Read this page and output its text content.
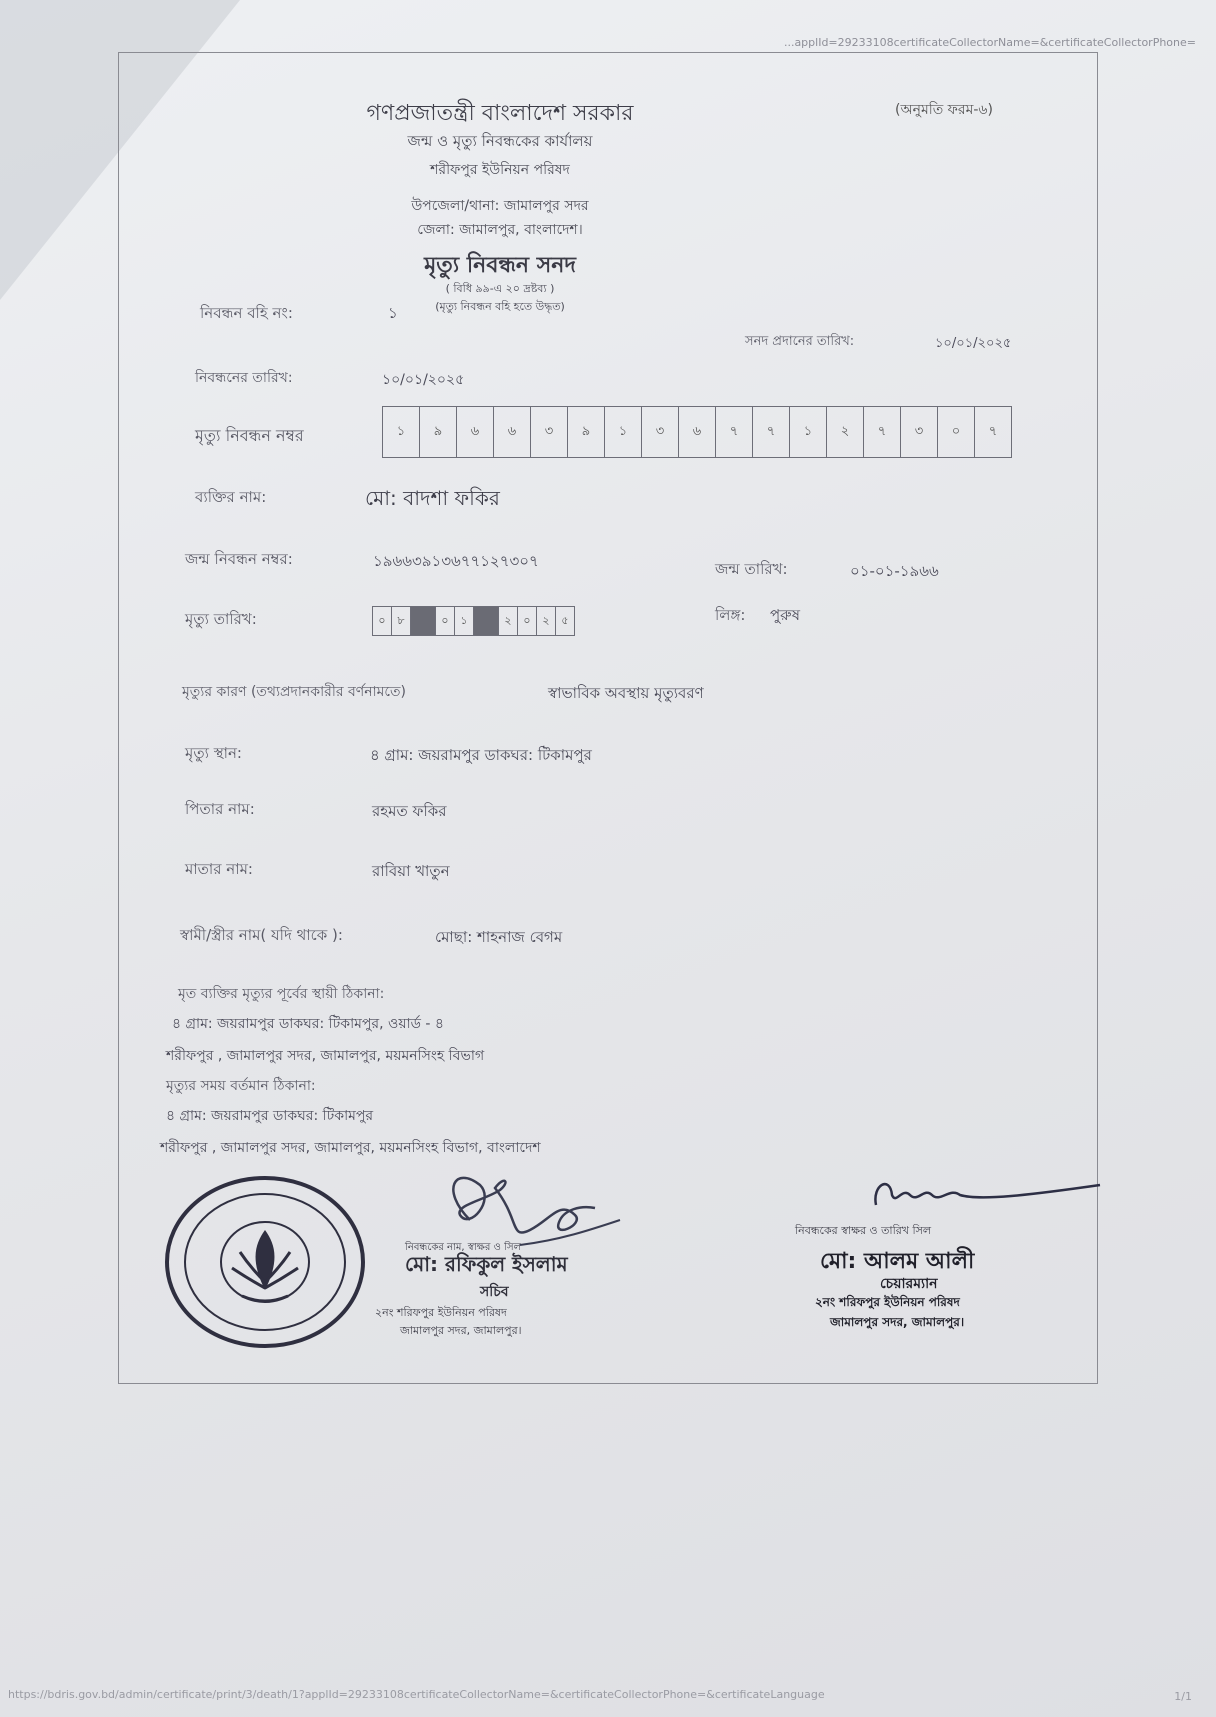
...applId=29233108certificateCollectorName=&certificateCollectorPhone=
গণপ্রজাতন্ত্রী বাংলাদেশ সরকার	(অনুমতি ফরম-৬)
জন্ম ও মৃত্যু নিবন্ধকের কার্যালয়
শরীফপুর ইউনিয়ন পরিষদ
উপজেলা/থানা: জামালপুর সদর
জেলা: জামালপুর, বাংলাদেশ।
মৃত্যু নিবন্ধন সনদ
( বিধি ৯৯-এ ২০ দ্রষ্টব্য )
(মৃত্যু নিবন্ধন বহি হতে উদ্ধৃত)
নিবন্ধন বহি নং:	১
সনদ প্রদানের তারিখ:	১০/০১/২০২৫
নিবন্ধনের তারিখ:	১০/০১/২০২৫
মৃত্যু নিবন্ধন নম্বর	১	৯	৬	৬	৩	৯	১	৩	৬	৭	৭	১	২	৭	৩	০	৭
ব্যক্তির নাম:	মো: বাদশা ফকির
জন্ম নিবন্ধন নম্বর:	১৯৬৬৩৯১৩৬৭৭১২৭৩০৭	জন্ম তারিখ:	০১-০১-১৯৬৬
মৃত্যু তারিখ:	০	৮	০	১	২	০	২	৫	লিঙ্গ: পুরুষ
মৃত্যুর কারণ (তথ্যপ্রদানকারীর বর্ণনামতে)	স্বাভাবিক অবস্থায় মৃত্যুবরণ
মৃত্যু স্থান:	৪ গ্রাম: জয়রামপুর ডাকঘর: টিকামপুর
পিতার নাম:	রহমত ফকির
মাতার নাম:	রাবিয়া খাতুন
স্বামী/স্ত্রীর নাম( যদি থাকে ):	মোছা: শাহনাজ বেগম
মৃত ব্যক্তির মৃত্যুর পূর্বের স্থায়ী ঠিকানা:
৪ গ্রাম: জয়রামপুর ডাকঘর: টিকামপুর, ওয়ার্ড - ৪
শরীফপুর , জামালপুর সদর, জামালপুর, ময়মনসিংহ বিভাগ
মৃত্যুর সময় বর্তমান ঠিকানা:
৪ গ্রাম: জয়রামপুর ডাকঘর: টিকামপুর
শরীফপুর , জামালপুর সদর, জামালপুর, ময়মনসিংহ বিভাগ, বাংলাদেশ
নিবন্ধকের নাম, স্বাক্ষর ও সিল
মো: রফিকুল ইসলাম
সচিব
২নং শরিফপুর ইউনিয়ন পরিষদ
জামালপুর সদর, জামালপুর।
নিবন্ধকের স্বাক্ষর ও তারিখ সিল
মো: আলম আলী
চেয়ারম্যান
২নং শরিফপুর ইউনিয়ন পরিষদ
জামালপুর সদর, জামালপুর।
https://bdris.gov.bd/admin/certificate/print/3/death/1?applId=29233108certificateCollectorName=&certificateCollectorPhone=&certificateLanguage	1/1
